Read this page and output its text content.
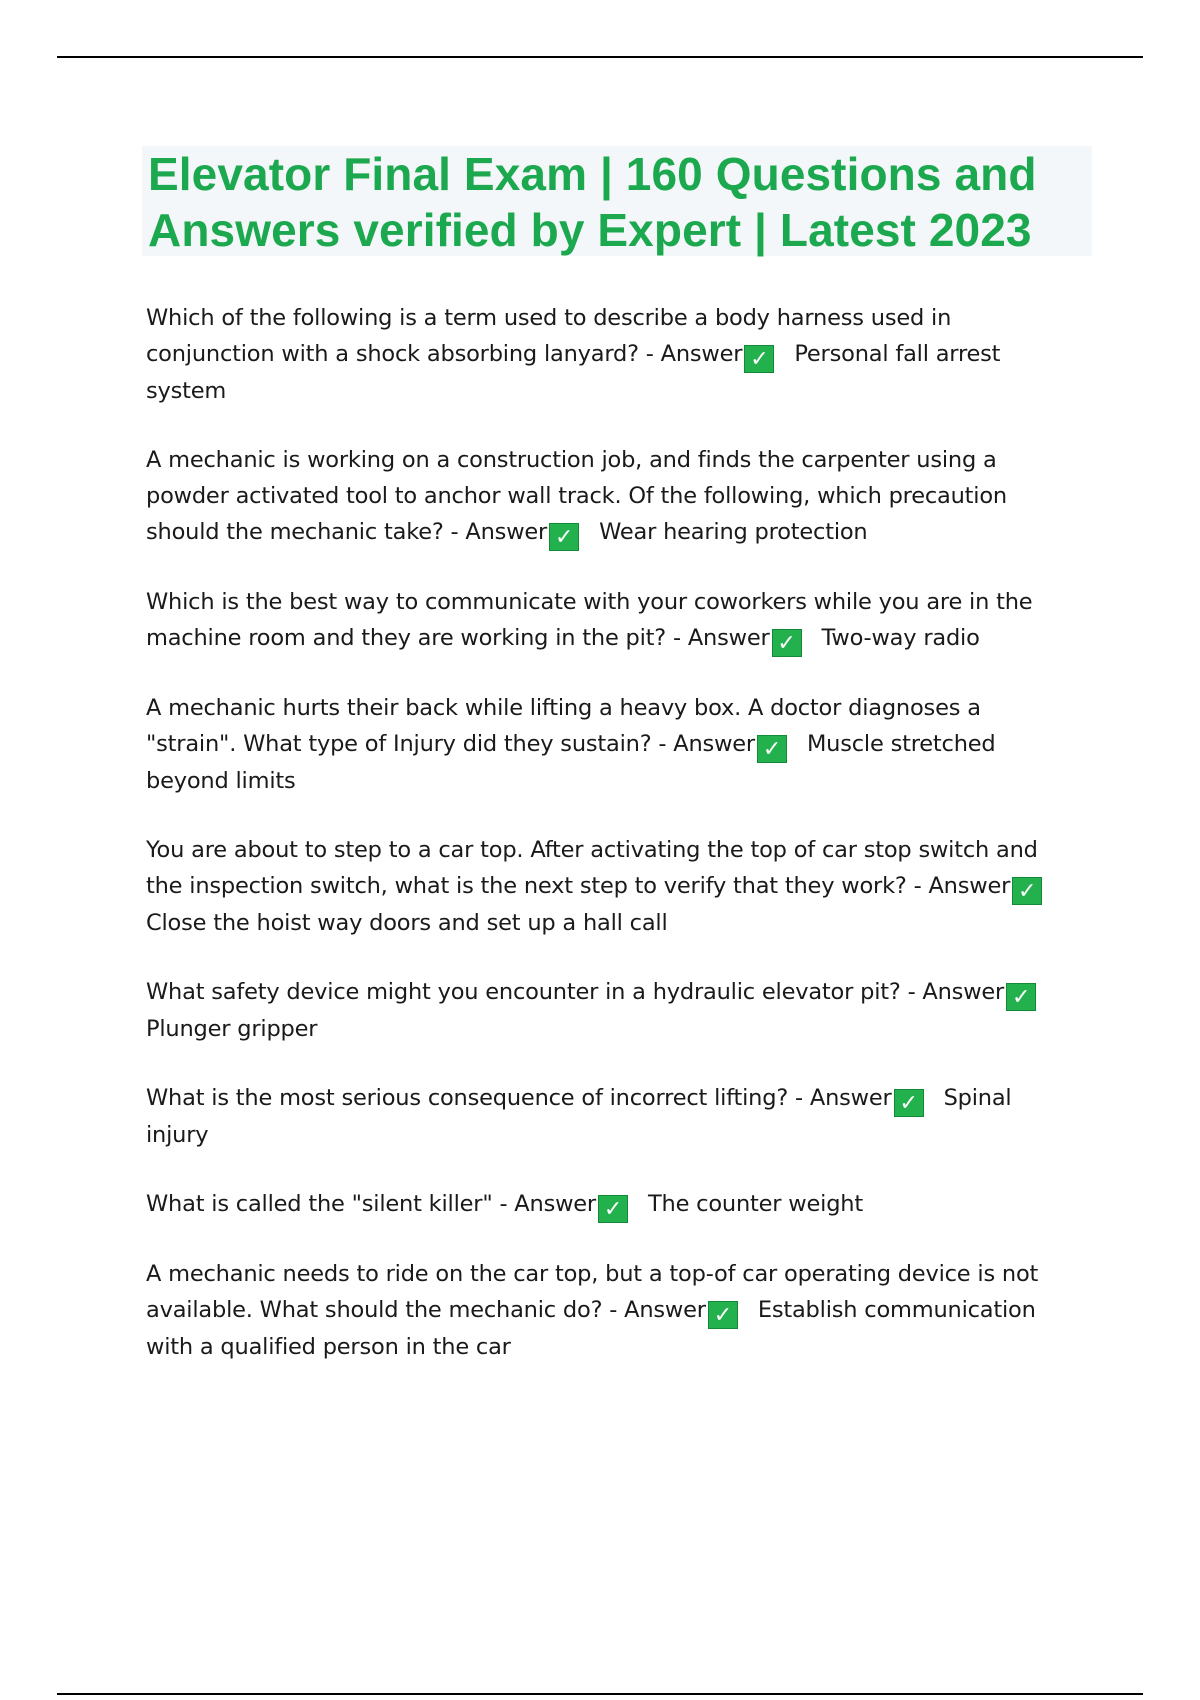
Elevator Final Exam | 160 Questions and Answers verified by Expert | Latest 2023

Which of the following is a term used to describe a body harness used in conjunction with a shock absorbing lanyard? - Answer ✓ Personal fall arrest system

A mechanic is working on a construction job, and finds the carpenter using a powder activated tool to anchor wall track. Of the following, which precaution should the mechanic take? - Answer ✓ Wear hearing protection

Which is the best way to communicate with your coworkers while you are in the machine room and they are working in the pit? - Answer ✓ Two-way radio

A mechanic hurts their back while lifting a heavy box. A doctor diagnoses a "strain". What type of Injury did they sustain? - Answer ✓ Muscle stretched beyond limits

You are about to step to a car top. After activating the top of car stop switch and the inspection switch, what is the next step to verify that they work? - Answer ✓Close the hoist way doors and set up a hall call

What safety device might you encounter in a hydraulic elevator pit? - Answer ✓Plunger gripper

What is the most serious consequence of incorrect lifting? - Answer ✓ Spinal injury

What is called the "silent killer" - Answer ✓ The counter weight

A mechanic needs to ride on the car top, but a top-of car operating device is not available. What should the mechanic do? - Answer ✓ Establish communication with a qualified person in the car
